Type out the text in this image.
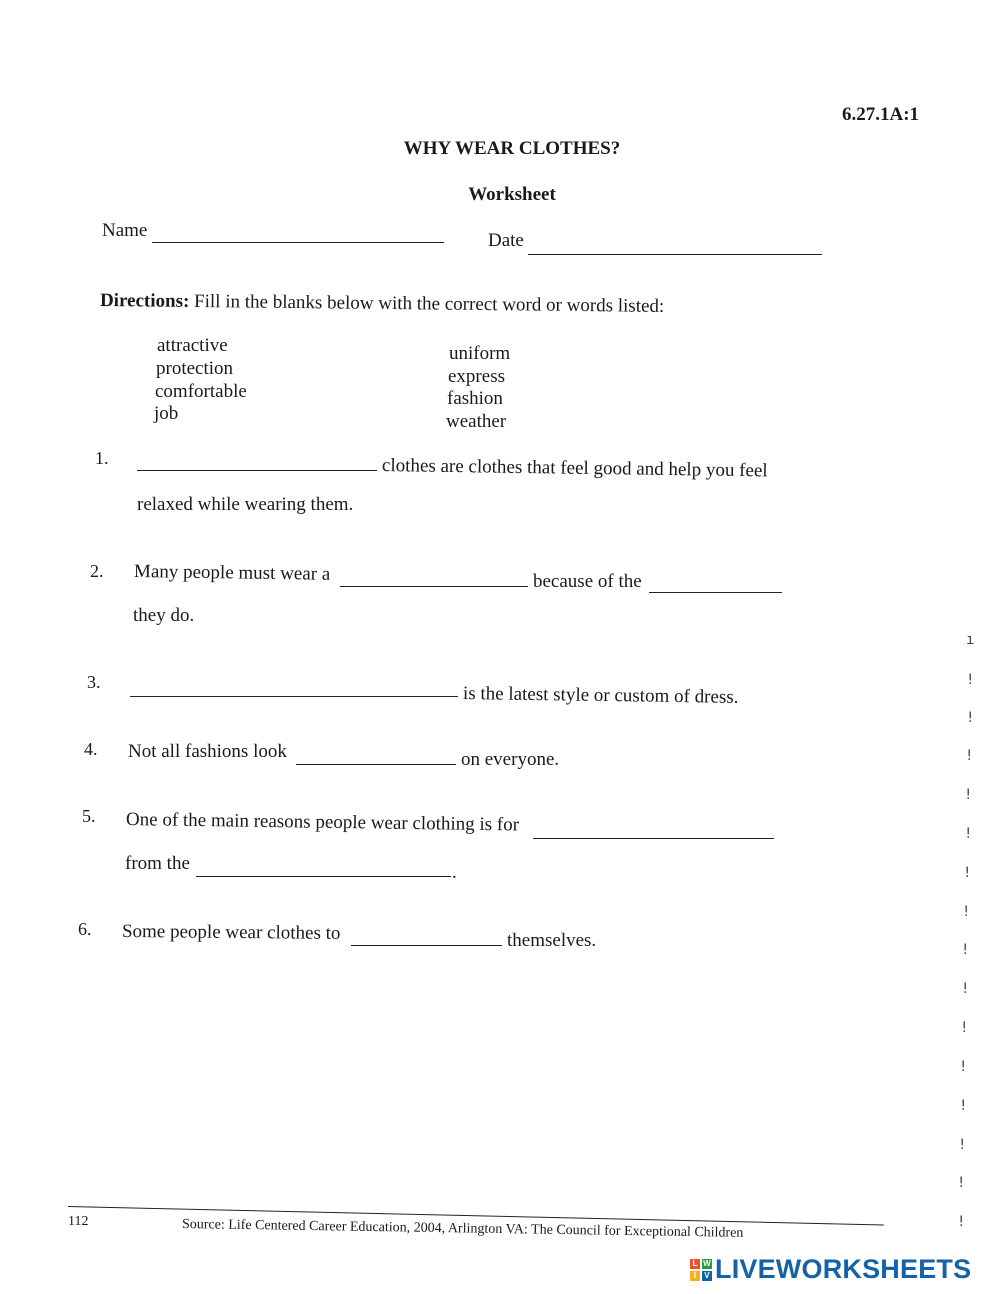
6.27.1A:1
WHY WEAR CLOTHES?
Worksheet
Name	Date
Directions: Fill in the blanks below with the correct word or words listed:
attractive
protection
comfortable
job
uniform
express
fashion
weather
1.	clothes are clothes that feel good and help you feel
relaxed while wearing them.
2. Many people must wear a	because of the
they do.
3.
is the latest style or custom of dress.
4. Not all fashions look	on everyone.
5. One of the main reasons people wear clothing is for
from the	.
6. Some people wear clothes to	themselves.
ı
!
!
!
!
!
!
!
!
!
!
!
!
!
!
!
112	Source: Life Centered Career Education, 2004, Arlington VA: The Council for Exceptional Children
L W
I	V LIVEWORKSHEETS
